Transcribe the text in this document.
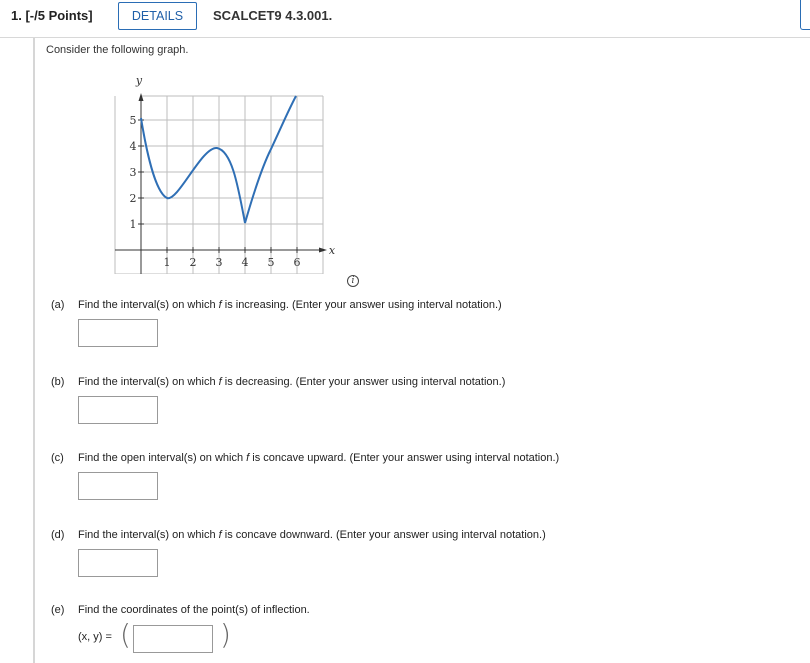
1. [-/5 Points]	DETAILS	SCALCET9 4.3.001.
Consider the following graph.
y
x
1 2 3 4 5 6
1
2
3
4
5
i
(a) Find the interval(s) on which f is increasing. (Enter your answer using interval notation.)
(b) Find the interval(s) on which f is decreasing. (Enter your answer using interval notation.)
(c) Find the open interval(s) on which f is concave upward. (Enter your answer using interval notation.)
(d) Find the interval(s) on which f is concave downward. (Enter your answer using interval notation.)
(e) Find the coordinates of the point(s) of inflection.
(x, y) = (	)
